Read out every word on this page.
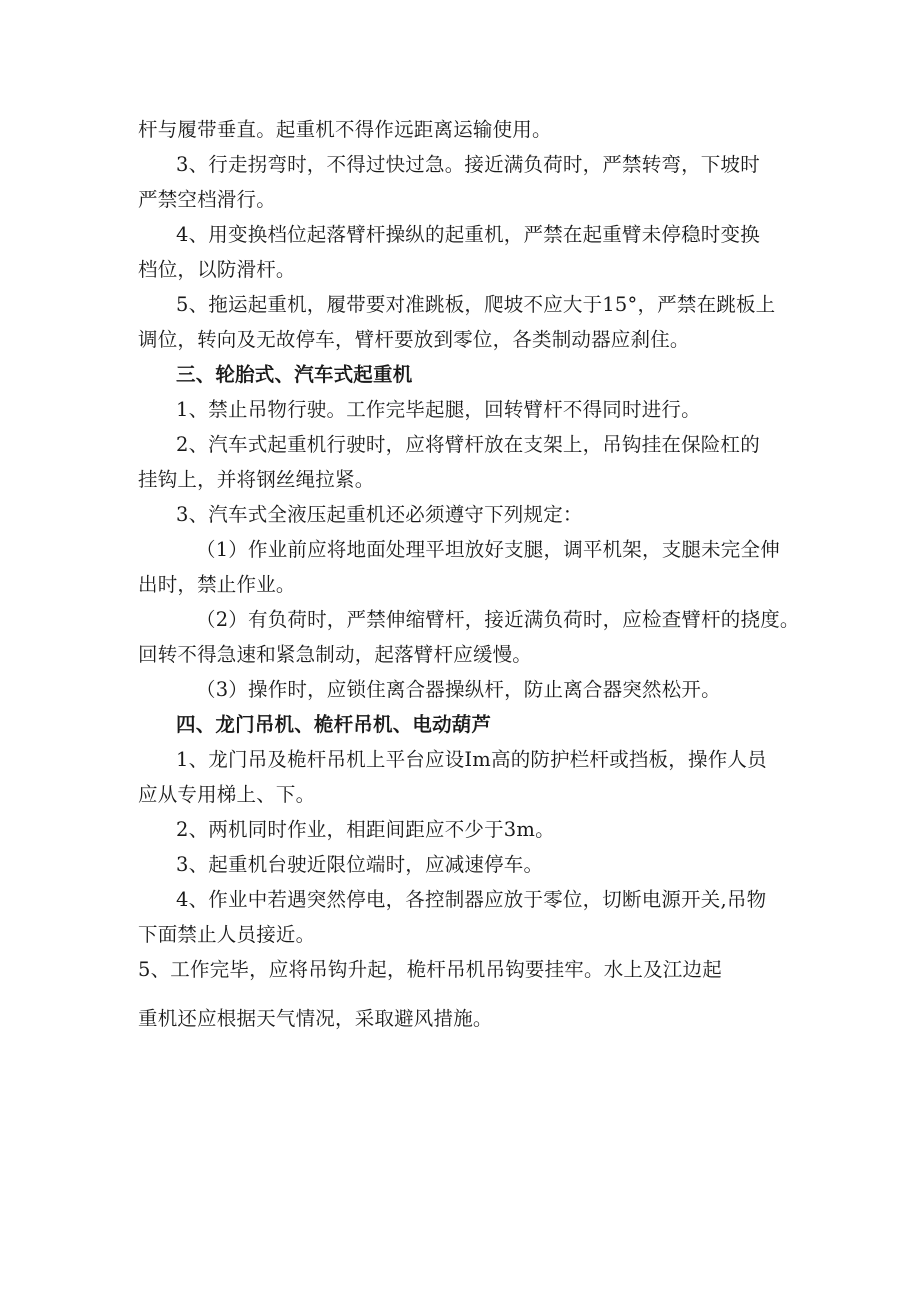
杆与履带垂直。起重机不得作远距离运输使用。
3、行走拐弯时，不得过快过急。接近满负荷时，严禁转弯，下坡时
严禁空档滑行。
4、用变换档位起落臂杆操纵的起重机，严禁在起重臂未停稳时变换
档位，以防滑杆。
5、拖运起重机，履带要对准跳板，爬坡不应大于15°，严禁在跳板上
调位，转向及无故停车，臂杆要放到零位，各类制动器应刹住。
三、轮胎式、汽车式起重机
1、禁止吊物行驶。工作完毕起腿，回转臂杆不得同时进行。
2、汽车式起重机行驶时，应将臂杆放在支架上，吊钩挂在保险杠的
挂钩上，并将钢丝绳拉紧。
3、汽车式全液压起重机还必须遵守下列规定：
（1）作业前应将地面处理平坦放好支腿，调平机架，支腿未完全伸
出时，禁止作业。
（2）有负荷时，严禁伸缩臂杆，接近满负荷时，应检查臂杆的挠度。
回转不得急速和紧急制动，起落臂杆应缓慢。
（3）操作时，应锁住离合器操纵杆，防止离合器突然松开。
四、龙门吊机、桅杆吊机、电动葫芦
1、龙门吊及桅杆吊机上平台应设Im高的防护栏杆或挡板，操作人员
应从专用梯上、下。
2、两机同时作业，相距间距应不少于3m。
3、起重机台驶近限位端时，应减速停车。
4、作业中若遇突然停电，各控制器应放于零位，切断电源开关,吊物
下面禁止人员接近。
5、工作完毕，应将吊钩升起，桅杆吊机吊钩要挂牢。水上及江边起
重机还应根据天气情况，采取避风措施。
